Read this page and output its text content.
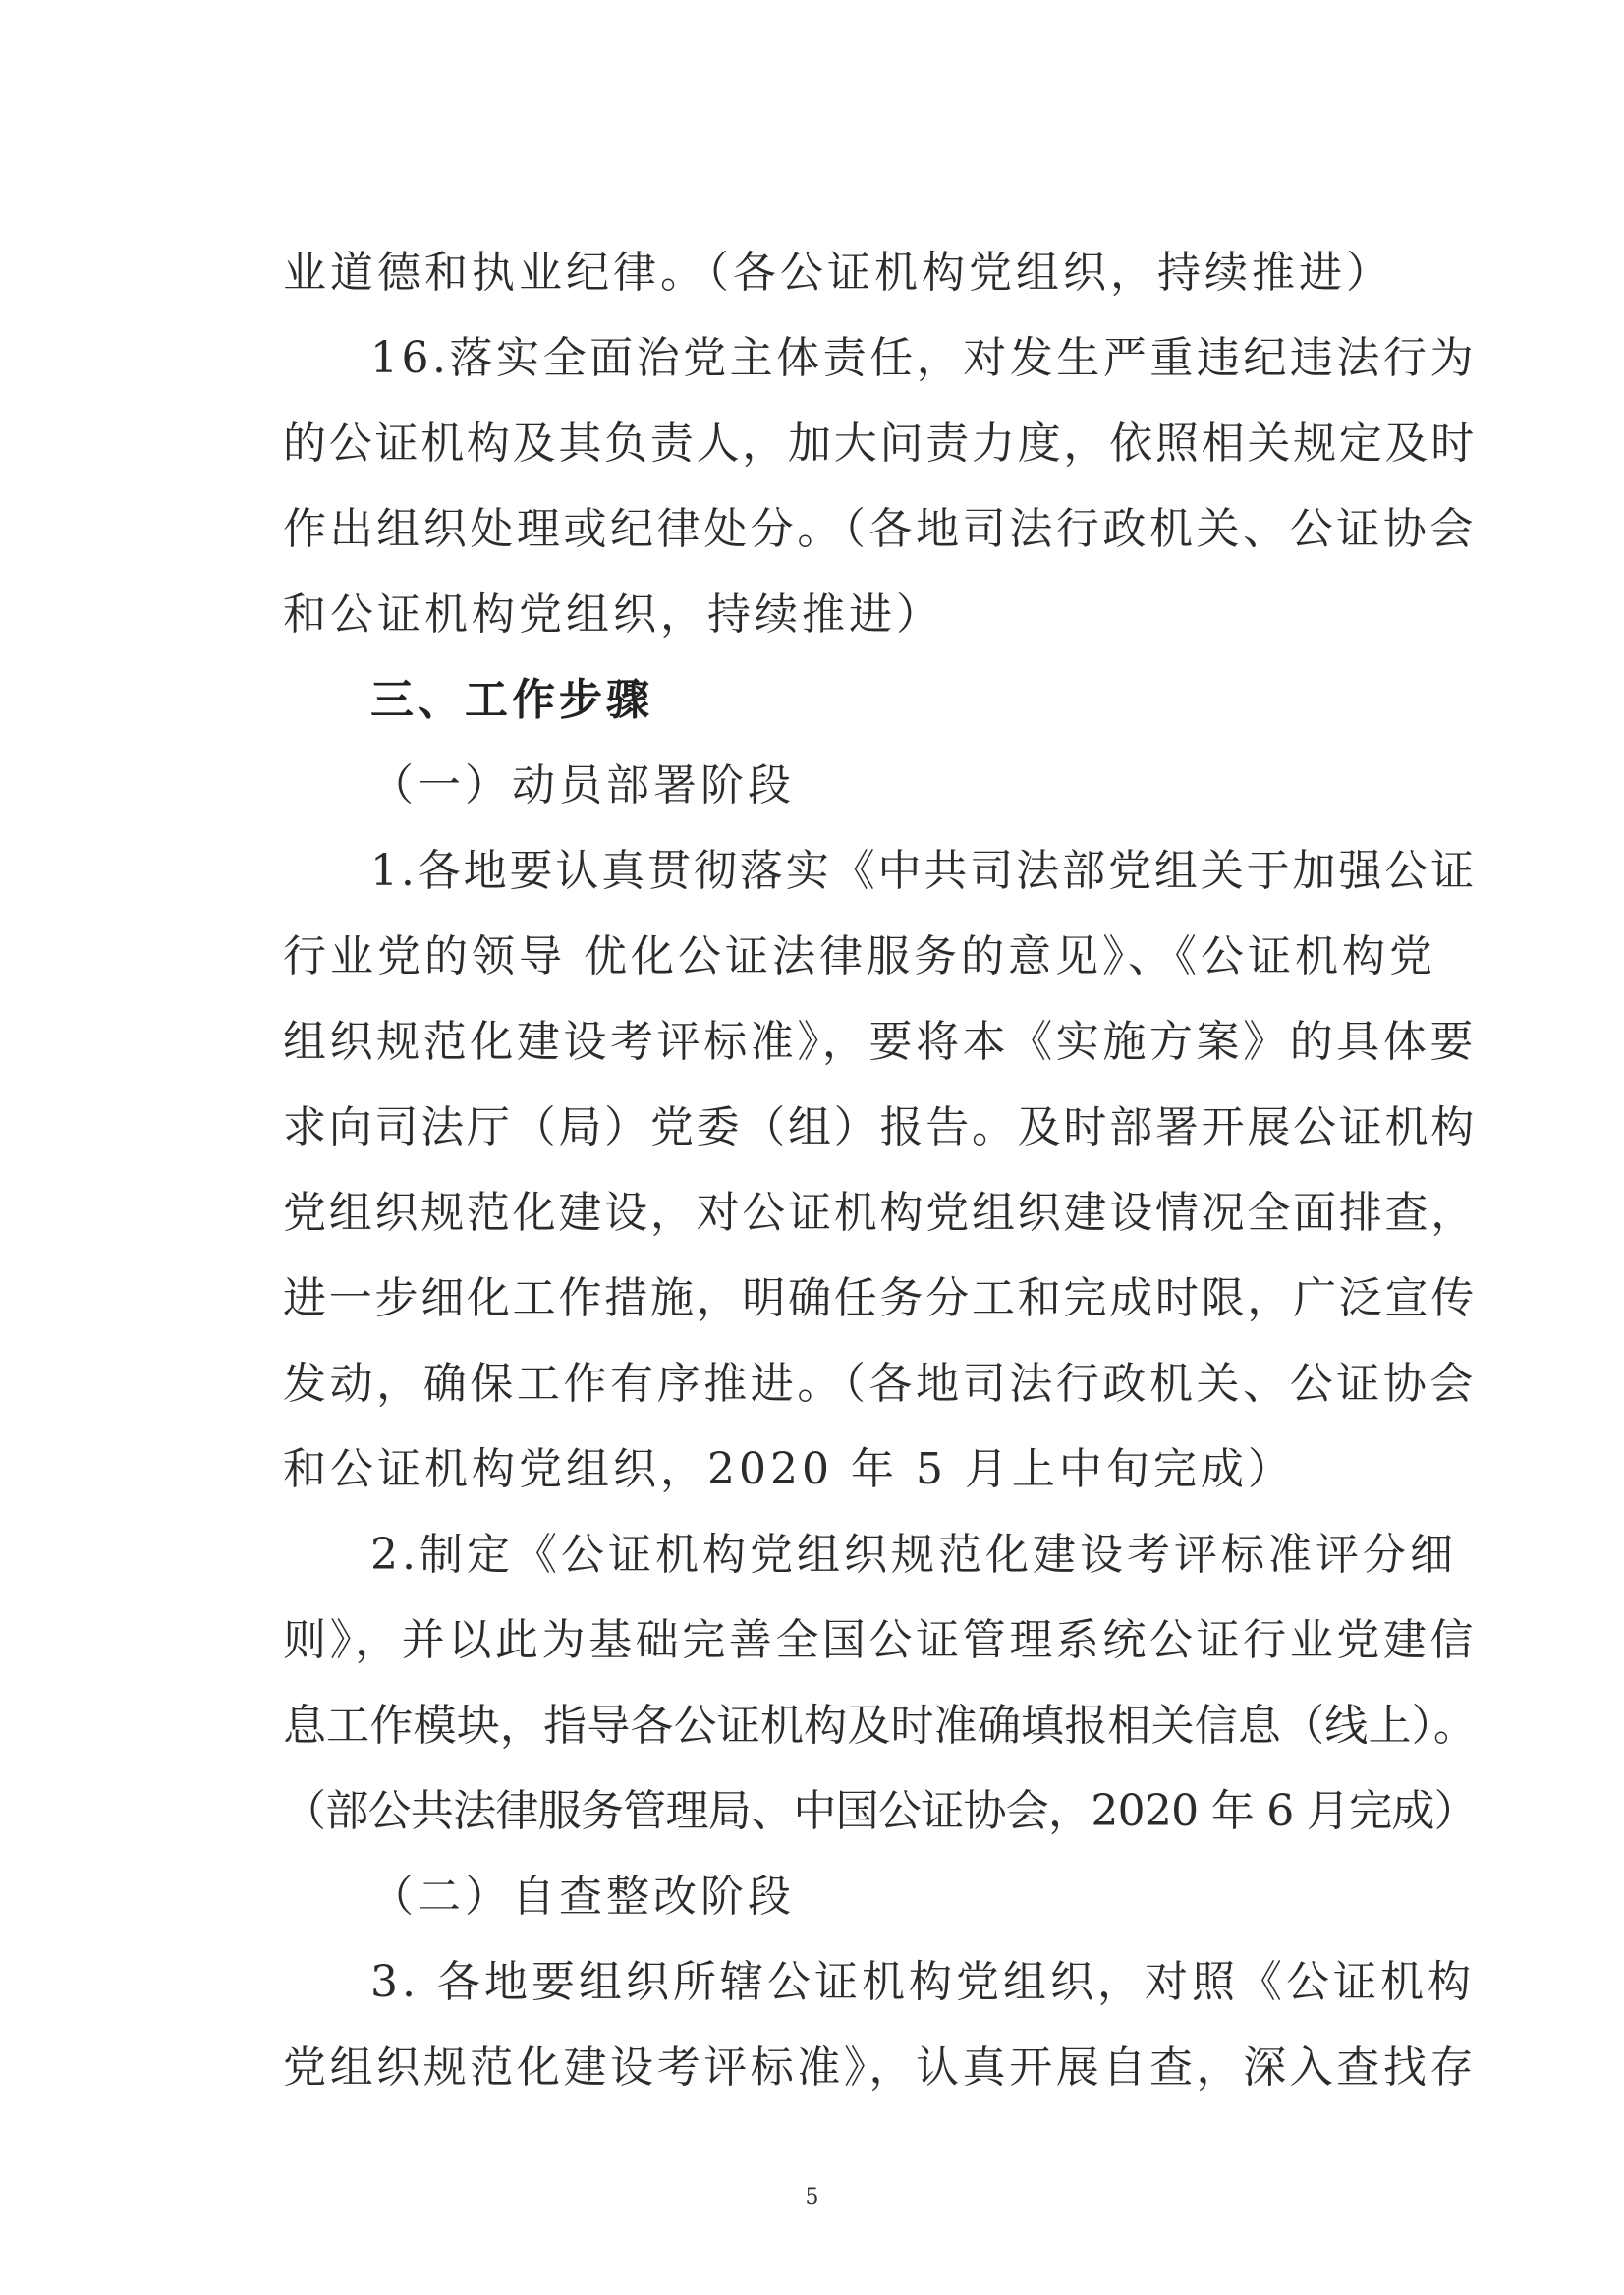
业道德和执业纪律。（各公证机构党组织，持续推进）
16.落实全面治党主体责任，对发生严重违纪违法行为
的公证机构及其负责人，加大问责力度，依照相关规定及时
作出组织处理或纪律处分。（各地司法行政机关、公证协会
和公证机构党组织，持续推进）
三、工作步骤
（一）动员部署阶段
1.各地要认真贯彻落实《中共司法部党组关于加强公证
行业党的领导 优化公证法律服务的意见》、《公证机构党
组织规范化建设考评标准》，要将本《实施方案》的具体要
求向司法厅（局）党委（组）报告。及时部署开展公证机构
党组织规范化建设，对公证机构党组织建设情况全面排查，
进一步细化工作措施，明确任务分工和完成时限，广泛宣传
发动，确保工作有序推进。（各地司法行政机关、公证协会
和公证机构党组织，2020 年 5 月上中旬完成）
2.制定《公证机构党组织规范化建设考评标准评分细
则》，并以此为基础完善全国公证管理系统公证行业党建信
息工作模块，指导各公证机构及时准确填报相关信息（线上）。
（部公共法律服务管理局、中国公证协会，2020 年 6 月完成）
（二）自查整改阶段
3. 各地要组织所辖公证机构党组织，对照《公证机构
党组织规范化建设考评标准》，认真开展自查，深入查找存
5
